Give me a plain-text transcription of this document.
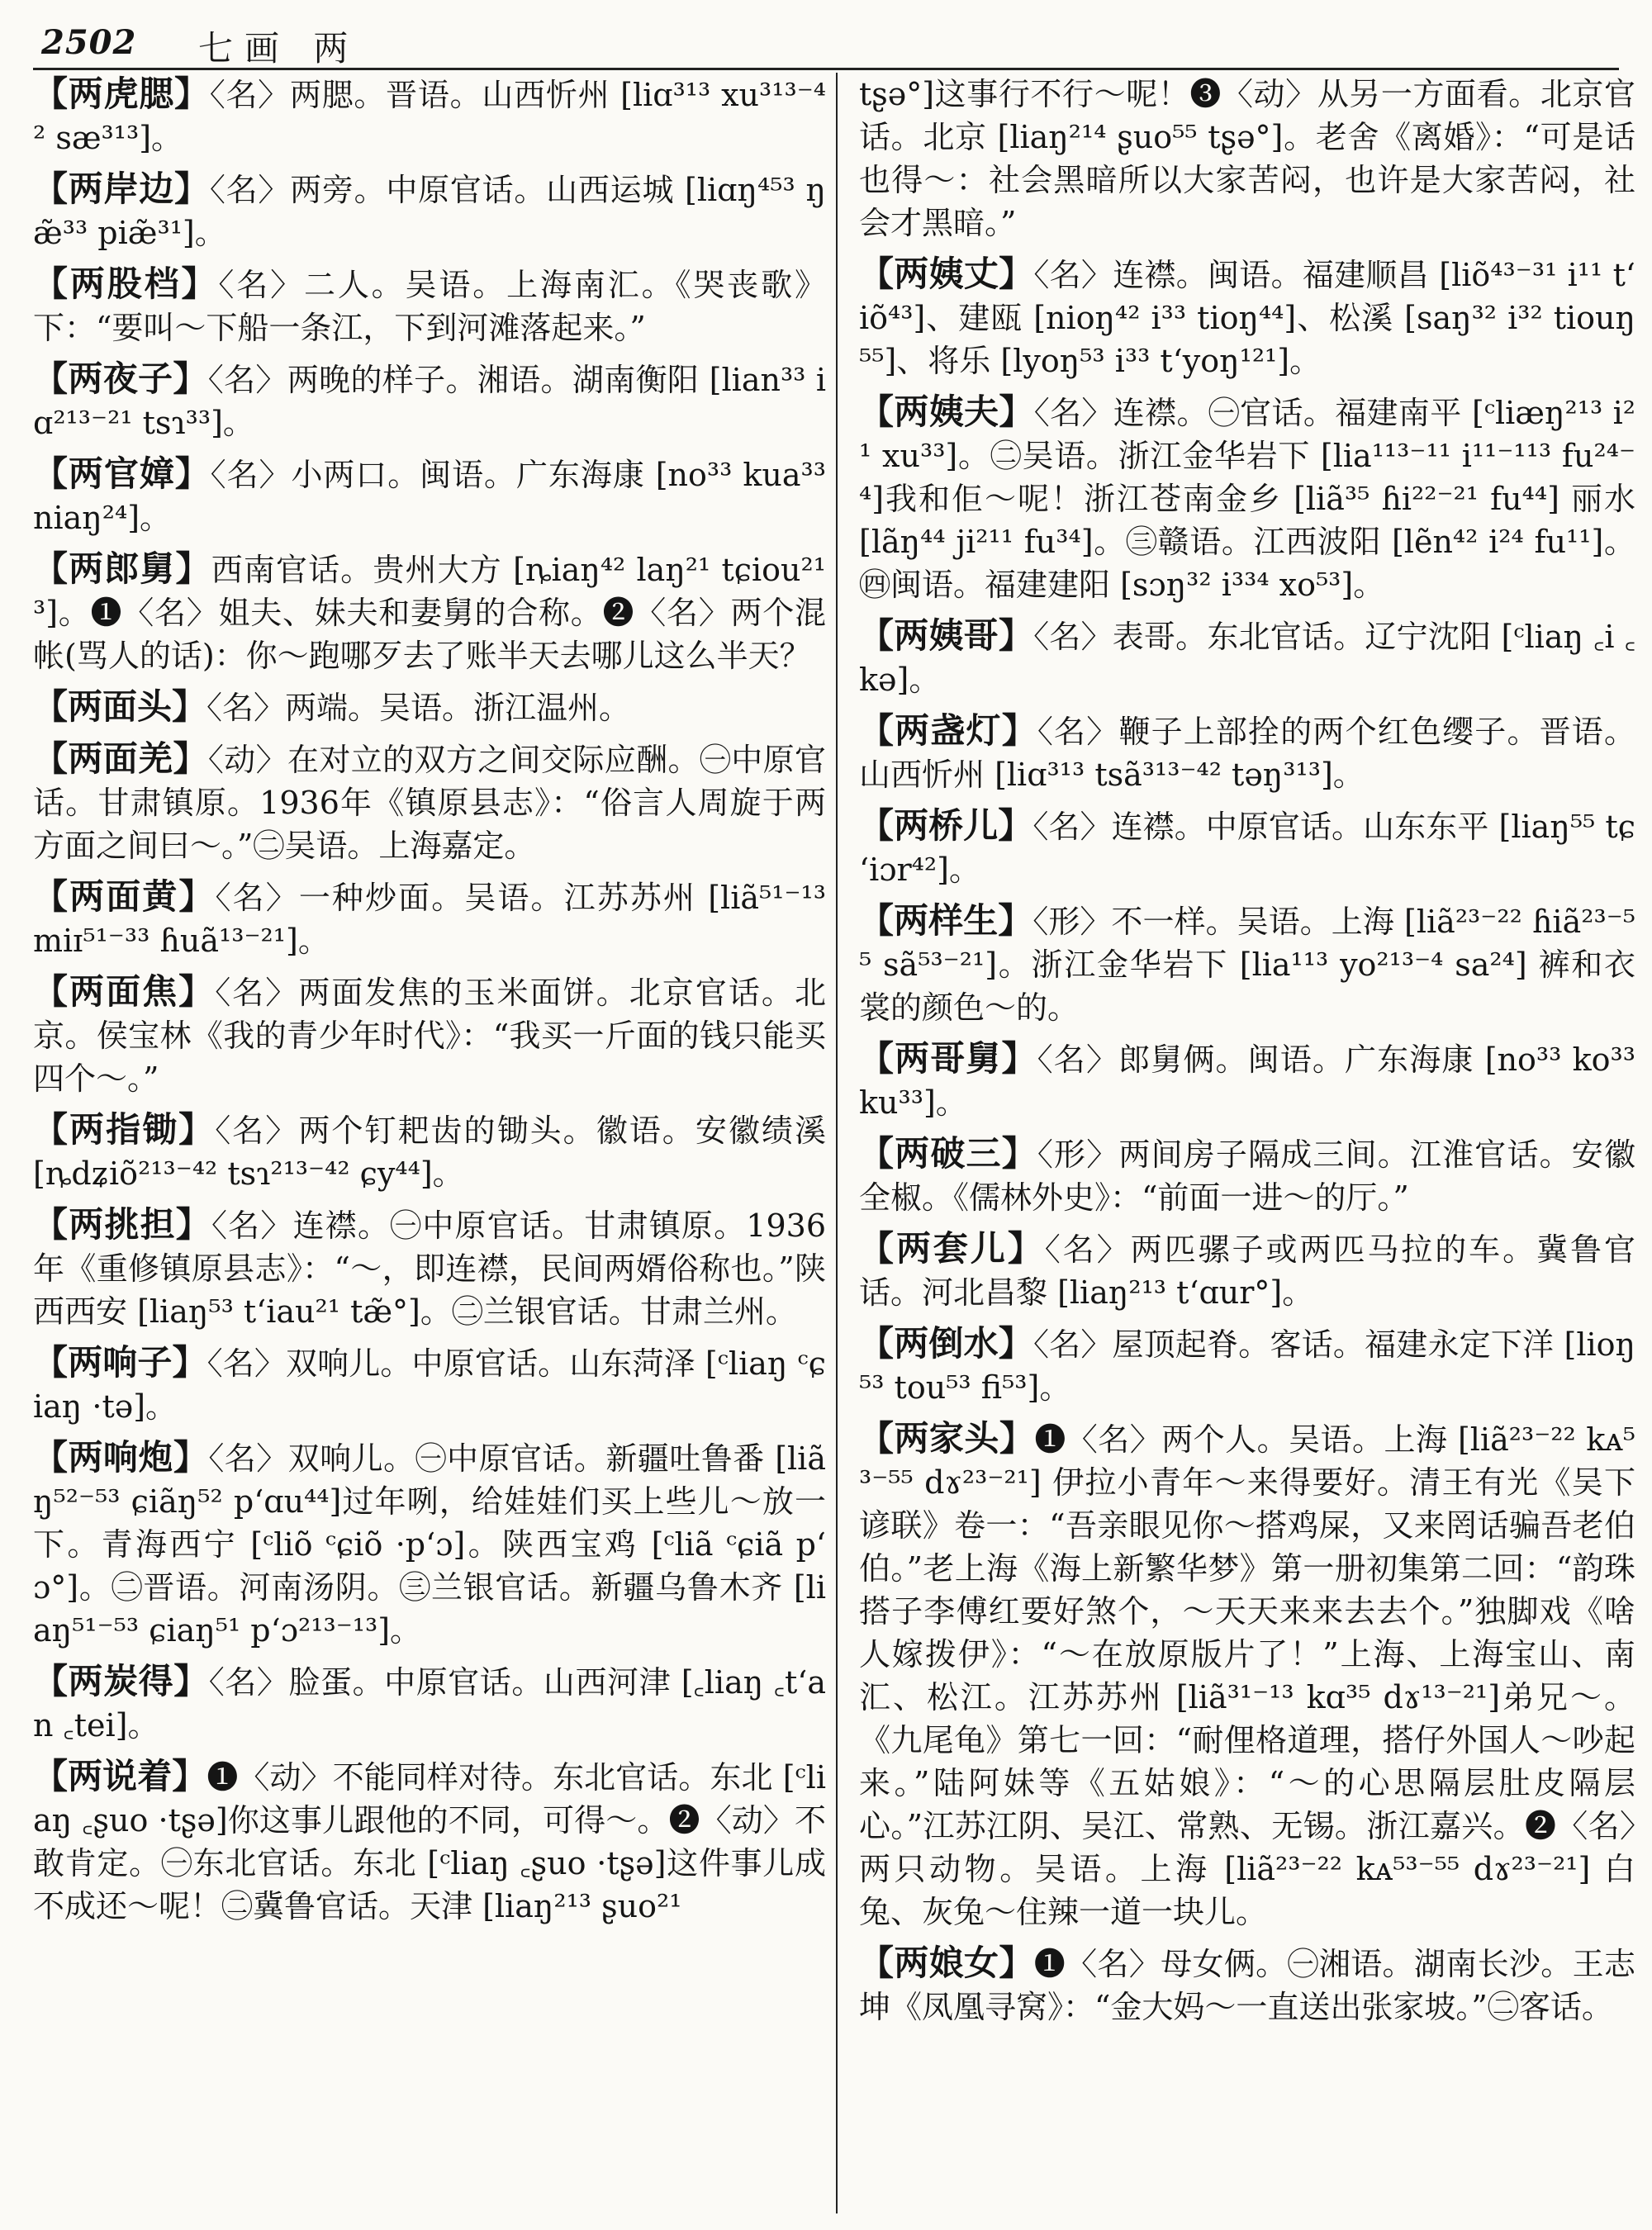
2502 七画 两

【两虎腮】〈名〉两腮。晋语。山西忻州 [liɑ³¹³ xu³¹³⁻⁴² sæ³¹³]。

【两岸边】〈名〉两旁。中原官话。山西运城 [liɑŋ⁴⁵³ ŋæ̃³³ piæ̃³¹]。

【两股档】〈名〉二人。吴语。上海南汇。《哭丧歌》下：“要叫～下船一条江，下到河滩落起来。”

【两夜子】〈名〉两晚的样子。湘语。湖南衡阳 [lian³³ iɑ²¹³⁻²¹ tsɿ³³]。

【两官嫜】〈名〉小两口。闽语。广东海康 [no³³ kua³³ niaŋ²⁴]。

【两郎舅】西南官话。贵州大方 [ȵiaŋ⁴² laŋ²¹ tɕiou²¹³]。❶〈名〉姐夫、妹夫和妻舅的合称。❷〈名〉两个混帐(骂人的话)：你～跑哪歹去了账半天去哪儿这么半天？

【两面头】〈名〉两端。吴语。浙江温州。

【两面羌】〈动〉在对立的双方之间交际应酬。㊀中原官话。甘肃镇原。1936年《镇原县志》：“俗言人周旋于两方面之间曰～。”㊁吴语。上海嘉定。

【两面黄】〈名〉一种炒面。吴语。江苏苏州 [liã⁵¹⁻¹³ miɪ⁵¹⁻³³ ɦuã¹³⁻²¹]。

【两面焦】〈名〉两面发焦的玉米面饼。北京官话。北京。侯宝林《我的青少年时代》：“我买一斤面的钱只能买四个～。”

【两指锄】〈名〉两个钉耙齿的锄头。徽语。安徽绩溪 [ȵdʑiõ²¹³⁻⁴² tsɿ²¹³⁻⁴² ɕy⁴⁴]。

【两挑担】〈名〉连襟。㊀中原官话。甘肃镇原。1936年《重修镇原县志》：“～，即连襟，民间两婿俗称也。”陕西西安 [liaŋ⁵³ tʻiau²¹ tæ̃°]。㊁兰银官话。甘肃兰州。

【两响子】〈名〉双响儿。中原官话。山东菏泽 [ᶜliaŋ ᶜɕiaŋ ·tə]。

【两响炮】〈名〉双响儿。㊀中原官话。新疆吐鲁番 [liãŋ⁵²⁻⁵³ ɕiãŋ⁵² pʻɑu⁴⁴]过年咧，给娃娃们买上些儿～放一下。青海西宁 [ᶜliõ ᶜɕiõ ·pʻɔ]。陕西宝鸡 [ᶜliã ᶜɕiã pʻɔ°]。㊁晋语。河南汤阴。㊂兰银官话。新疆乌鲁木齐 [liaŋ⁵¹⁻⁵³ ɕiaŋ⁵¹ pʻɔ²¹³⁻¹³]。

【两炭得】〈名〉脸蛋。中原官话。山西河津 [꜀liaŋ ꜀tʻan ꜀tei]。

【两说着】❶〈动〉不能同样对待。东北官话。东北 [ᶜliaŋ ꜀ʂuo ·tʂə]你这事儿跟他的不同，可得～。❷〈动〉不敢肯定。㊀东北官话。东北 [ᶜliaŋ ꜀ʂuo ·tʂə]这件事儿成不成还～呢！㊁冀鲁官话。天津 [liaŋ²¹³ ʂuo²¹

tʂə°]这事行不行～呢！❸〈动〉从另一方面看。北京官话。北京 [liaŋ²¹⁴ ʂuo⁵⁵ tʂə°]。老舍《离婚》：“可是话也得～：社会黑暗所以大家苦闷，也许是大家苦闷，社会才黑暗。”

【两姨丈】〈名〉连襟。闽语。福建顺昌 [liõ⁴³⁻³¹ i¹¹ tʻiõ⁴³]、建瓯 [nioŋ⁴² i³³ tioŋ⁴⁴]、松溪 [saŋ³² i³² tiouŋ⁵⁵]、将乐 [lyoŋ⁵³ i³³ tʻyoŋ¹²¹]。

【两姨夫】〈名〉连襟。㊀官话。福建南平 [ᶜliæŋ²¹³ i²¹ xu³³]。㊁吴语。浙江金华岩下 [lia¹¹³⁻¹¹ i¹¹⁻¹¹³ fu²⁴⁻⁴]我和佢～呢！浙江苍南金乡 [liã³⁵ ɦi²²⁻²¹ fu⁴⁴] 丽水 [lãŋ⁴⁴ ji²¹¹ fu³⁴]。㊂赣语。江西波阳 [lẽn⁴² i²⁴ fu¹¹]。㊃闽语。福建建阳 [sɔŋ³² i³³⁴ xo⁵³]。

【两姨哥】〈名〉表哥。东北官话。辽宁沈阳 [ᶜliaŋ ꜀i ꜀kə]。

【两盏灯】〈名〉鞭子上部拴的两个红色缨子。晋语。山西忻州 [liɑ³¹³ tsã³¹³⁻⁴² təŋ³¹³]。

【两桥儿】〈名〉连襟。中原官话。山东东平 [liaŋ⁵⁵ tɕʻiɔr⁴²]。

【两样生】〈形〉不一样。吴语。上海 [liã²³⁻²² ɦiã²³⁻⁵⁵ sã⁵³⁻²¹]。浙江金华岩下 [lia¹¹³ yo²¹³⁻⁴ sa²⁴] 裤和衣裳的颜色～的。

【两哥舅】〈名〉郎舅俩。闽语。广东海康 [no³³ ko³³ ku³³]。

【两破三】〈形〉两间房子隔成三间。江淮官话。安徽全椒。《儒林外史》：“前面一进～的厅。”

【两套儿】〈名〉两匹骡子或两匹马拉的车。冀鲁官话。河北昌黎 [liaŋ²¹³ tʻɑur°]。

【两倒水】〈名〉屋顶起脊。客话。福建永定下洋 [lioŋ⁵³ tou⁵³ fi⁵³]。

【两家头】❶〈名〉两个人。吴语。上海 [liã²³⁻²² kᴀ⁵³⁻⁵⁵ dɤ²³⁻²¹] 伊拉小青年～来得要好。清王有光《吴下谚联》卷一：“吾亲眼见你～搭鸡屎，又来罔话骗吾老伯伯。”老上海《海上新繁华梦》第一册初集第二回：“韵珠搭子李傅红要好煞个，～天天来来去去个。”独脚戏《啥人嫁拨伊》：“～在放原版片了！”上海、上海宝山、南汇、松江。江苏苏州 [liã³¹⁻¹³ kɑ³⁵ dɤ¹³⁻²¹]弟兄～。《九尾龟》第七一回：“耐俚格道理，搭仔外国人～吵起来。”陆阿妹等《五姑娘》：“～的心思隔层肚皮隔层心。”江苏江阴、吴江、常熟、无锡。浙江嘉兴。❷〈名〉两只动物。吴语。上海 [liã²³⁻²² kᴀ⁵³⁻⁵⁵ dɤ²³⁻²¹] 白兔、灰兔～住辣一道一块儿。

【两娘女】❶〈名〉母女俩。㊀湘语。湖南长沙。王志坤《凤凰寻窝》：“金大妈～一直送出张家坡。”㊁客话。
